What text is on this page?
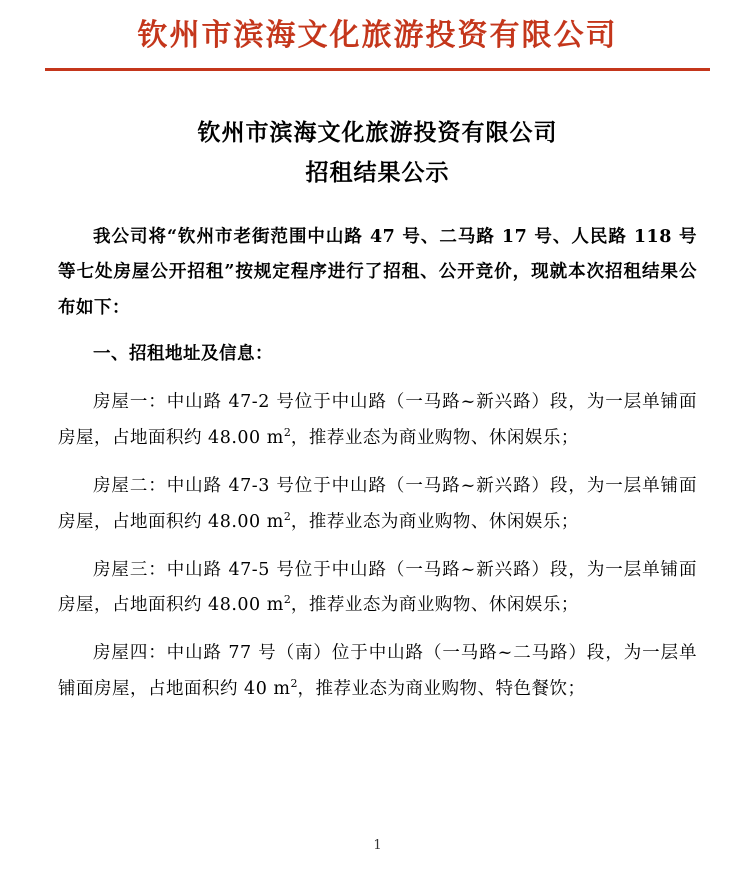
钦州市滨海文化旅游投资有限公司
钦州市滨海文化旅游投资有限公司
招租结果公示

我公司将“钦州市老街范围中山路 47 号、二马路 17 号、人民路 118 号等七处房屋公开招租”按规定程序进行了招租、公开竞价，现就本次招租结果公布如下：

一、招租地址及信息：

房屋一：中山路 47-2 号位于中山路（一马路~新兴路）段，为一层单铺面房屋，占地面积约 48.00 $m^2$，推荐业态为商业购物、休闲娱乐；

房屋二：中山路 47-3 号位于中山路（一马路~新兴路）段，为一层单铺面房屋，占地面积约 48.00 $m^2$，推荐业态为商业购物、休闲娱乐；

房屋三：中山路 47-5 号位于中山路（一马路~新兴路）段，为一层单铺面房屋，占地面积约 48.00 $m^2$，推荐业态为商业购物、休闲娱乐；

房屋四：中山路 77 号（南）位于中山路（一马路~二马路）段，为一层单铺面房屋，占地面积约 40 $m^2$，推荐业态为商业购物、特色餐饮；

1
